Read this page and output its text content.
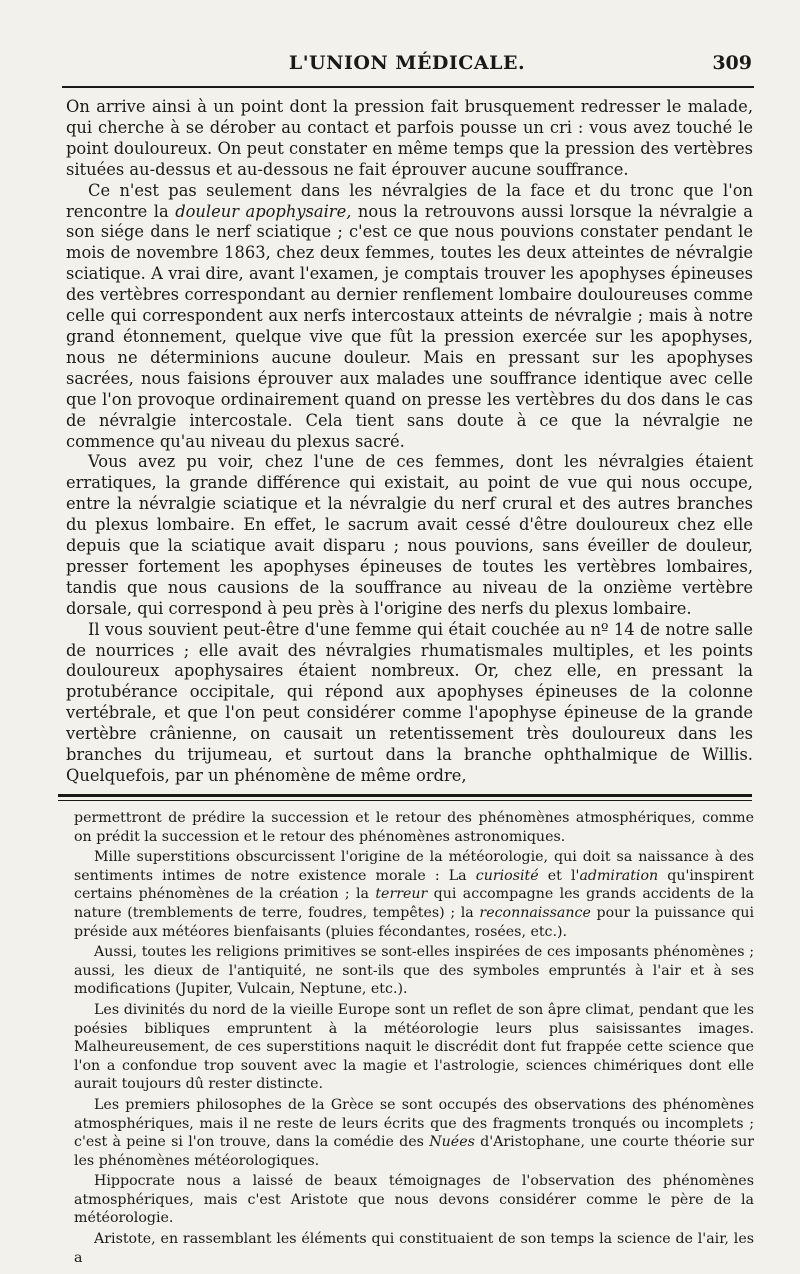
L'UNION MÉDICALE.	309

On arrive ainsi à un point dont la pression fait brusquement redresser le malade, qui cherche à se dérober au contact et parfois pousse un cri : vous avez touché le point douloureux. On peut constater en même temps que la pression des vertèbres situées au-dessus et au-dessous ne fait éprouver aucune souffrance.

Ce n'est pas seulement dans les névralgies de la face et du tronc que l'on rencontre la douleur apophysaire, nous la retrouvons aussi lorsque la névralgie a son siége dans le nerf sciatique ; c'est ce que nous pouvions constater pendant le mois de novembre 1863, chez deux femmes, toutes les deux atteintes de névralgie sciatique. A vrai dire, avant l'examen, je comptais trouver les apophyses épineuses des vertèbres correspondant au dernier renflement lombaire douloureuses comme celle qui correspondent aux nerfs intercostaux atteints de névralgie ; mais à notre grand étonnement, quelque vive que fût la pression exercée sur les apophyses, nous ne déterminions aucune douleur. Mais en pressant sur les apophyses sacrées, nous faisions éprouver aux malades une souffrance identique avec celle que l'on provoque ordinairement quand on presse les vertèbres du dos dans le cas de névralgie intercostale. Cela tient sans doute à ce que la névralgie ne commence qu'au niveau du plexus sacré.

Vous avez pu voir, chez l'une de ces femmes, dont les névralgies étaient erratiques, la grande différence qui existait, au point de vue qui nous occupe, entre la névralgie sciatique et la névralgie du nerf crural et des autres branches du plexus lombaire. En effet, le sacrum avait cessé d'être douloureux chez elle depuis que la sciatique avait disparu ; nous pouvions, sans éveiller de douleur, presser fortement les apophyses épineuses de toutes les vertèbres lombaires, tandis que nous causions de la souffrance au niveau de la onzième vertèbre dorsale, qui correspond à peu près à l'origine des nerfs du plexus lombaire.

Il vous souvient peut-être d'une femme qui était couchée au nº 14 de notre salle de nourrices ; elle avait des névralgies rhumatismales multiples, et les points douloureux apophysaires étaient nombreux. Or, chez elle, en pressant la protubérance occipitale, qui répond aux apophyses épineuses de la colonne vertébrale, et que l'on peut considérer comme l'apophyse épineuse de la grande vertèbre crânienne, on causait un retentissement très douloureux dans les branches du trijumeau, et surtout dans la branche ophthalmique de Willis. Quelquefois, par un phénomène de même ordre,

permettront de prédire la succession et le retour des phénomènes atmosphériques, comme on prédit la succession et le retour des phénomènes astronomiques.

Mille superstitions obscurcissent l'origine de la météorologie, qui doit sa naissance à des sentiments intimes de notre existence morale : La curiosité et l'admiration qu'inspirent certains phénomènes de la création ; la terreur qui accompagne les grands accidents de la nature (tremblements de terre, foudres, tempêtes) ; la reconnaissance pour la puissance qui préside aux météores bienfaisants (pluies fécondantes, rosées, etc.).

Aussi, toutes les religions primitives se sont-elles inspirées de ces imposants phénomènes ; aussi, les dieux de l'antiquité, ne sont-ils que des symboles empruntés à l'air et à ses modifications (Jupiter, Vulcain, Neptune, etc.).

Les divinités du nord de la vieille Europe sont un reflet de son âpre climat, pendant que les poésies bibliques empruntent à la météorologie leurs plus saisissantes images. Malheureusement, de ces superstitions naquit le discrédit dont fut frappée cette science que l'on a confondue trop souvent avec la magie et l'astrologie, sciences chimériques dont elle aurait toujours dû rester distincte.

Les premiers philosophes de la Grèce se sont occupés des observations des phénomènes atmosphériques, mais il ne reste de leurs écrits que des fragments tronqués ou incomplets ; c'est à peine si l'on trouve, dans la comédie des Nuées d'Aristophane, une courte théorie sur les phénomènes météorologiques.

Hippocrate nous a laissé de beaux témoignages de l'observation des phénomènes atmosphériques, mais c'est Aristote que nous devons considérer comme le père de la météorologie.

Aristote, en rassemblant les éléments qui constituaient de son temps la science de l'air, les a
